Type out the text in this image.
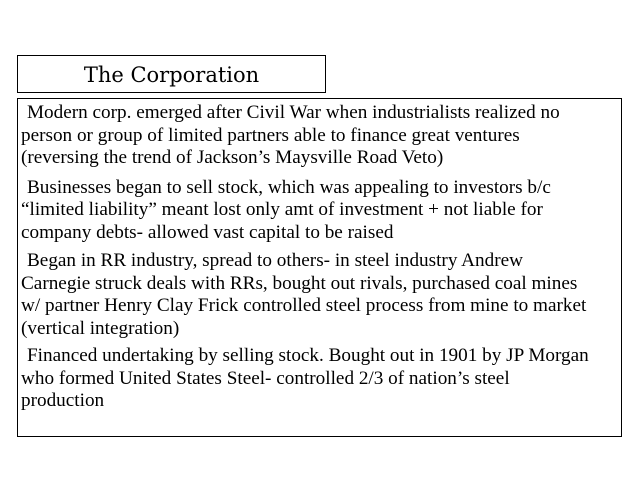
The Corporation
Modern corp. emerged after Civil War when industrialists realized no
person or group of limited partners able to finance great ventures
(reversing the trend of Jackson’s Maysville Road Veto)
Businesses began to sell stock, which was appealing to investors b/c
“limited liability” meant lost only amt of investment + not liable for
company debts- allowed vast capital to be raised
Began in RR industry, spread to others- in steel industry Andrew
Carnegie struck deals with RRs, bought out rivals, purchased coal mines
w/ partner Henry Clay Frick controlled steel process from mine to market
(vertical integration)
Financed undertaking by selling stock. Bought out in 1901 by JP Morgan
who formed United States Steel- controlled 2/3 of nation’s steel
production
